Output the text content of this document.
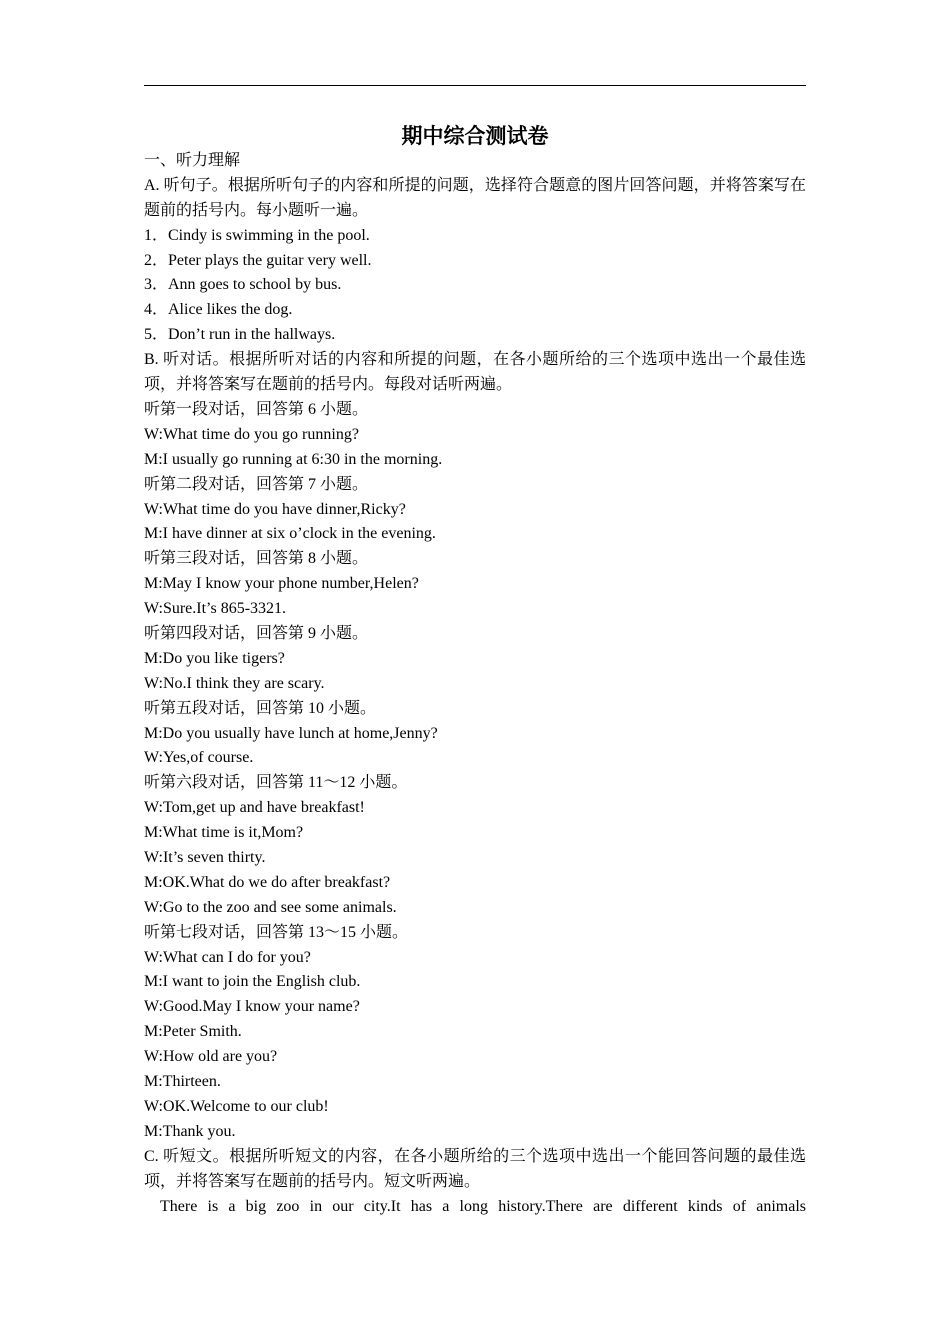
期中综合测试卷
一、听力理解
A. 听句子。根据所听句子的内容和所提的问题，选择符合题意的图片回答问题，并将答案写在题前的括号内。每小题听一遍。
1．Cindy is swimming in the pool.
2．Peter plays the guitar very well.
3．Ann goes to school by bus.
4．Alice likes the dog.
5．Don’t run in the hallways.
B. 听对话。根据所听对话的内容和所提的问题，在各小题所给的三个选项中选出一个最佳选项，并将答案写在题前的括号内。每段对话听两遍。
听第一段对话，回答第 6 小题。
W:What time do you go running?
M:I usually go running at 6:30 in the morning.
听第二段对话，回答第 7 小题。
W:What time do you have dinner,Ricky?
M:I have dinner at six o’clock in the evening.
听第三段对话，回答第 8 小题。
M:May I know your phone number,Helen?
W:Sure.It’s 865-3321.
听第四段对话，回答第 9 小题。
M:Do you like tigers?
W:No.I think they are scary.
听第五段对话，回答第 10 小题。
M:Do you usually have lunch at home,Jenny?
W:Yes,of course.
听第六段对话，回答第 11～12 小题。
W:Tom,get up and have breakfast!
M:What time is it,Mom?
W:It’s seven thirty.
M:OK.What do we do after breakfast?
W:Go to the zoo and see some animals.
听第七段对话，回答第 13～15 小题。
W:What can I do for you?
M:I want to join the English club.
W:Good.May I know your name?
M:Peter Smith.
W:How old are you?
M:Thirteen.
W:OK.Welcome to our club!
M:Thank you.
C. 听短文。根据所听短文的内容，在各小题所给的三个选项中选出一个能回答问题的最佳选项，并将答案写在题前的括号内。短文听两遍。
There is a big zoo in our city.It has a long history.There are different kinds of animals
